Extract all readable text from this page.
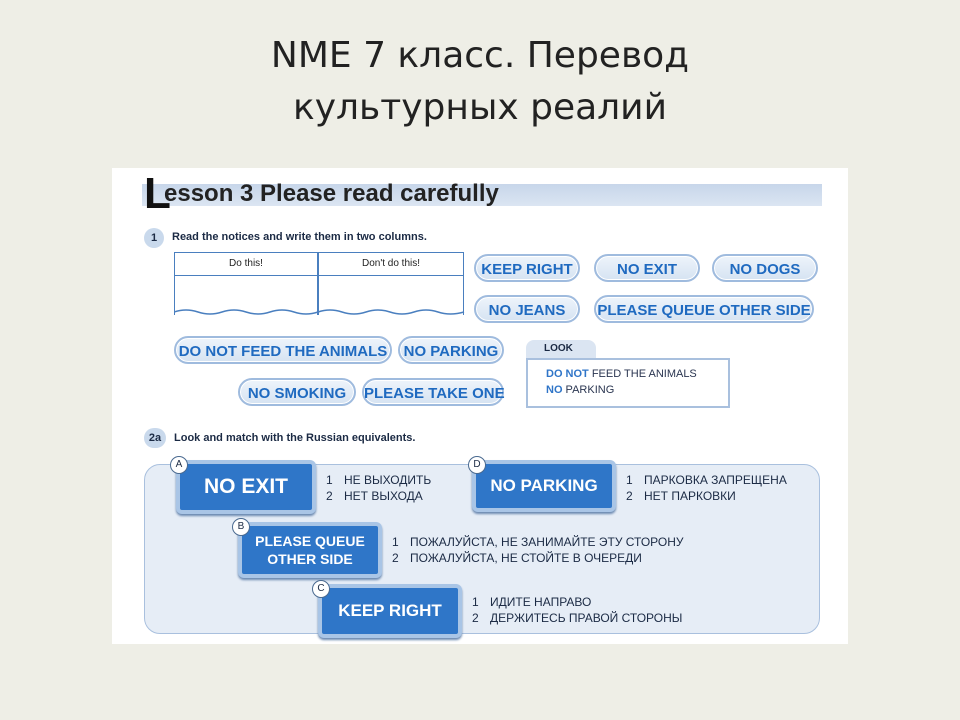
NME 7 класс. Перевод
культурных реалий
L
esson 3 Please read carefully
1	Read the notices and write them in two columns.
Do this!	Don't do this!	KEEP RIGHT	NO EXIT	NO DOGS
NO JEANS	PLEASE QUEUE OTHER SIDE
DO NOT FEED THE ANIMALS	NO PARKING
NO SMOKING	PLEASE TAKE ONE
LOOK
DO NOT FEED THE ANIMALS
NO PARKING
2a	Look and match with the Russian equivalents.
NO EXIT
A
1 НЕ ВЫХОДИТЬ
2 НЕТ ВЫХОДА
NO PARKING
D
1 ПАРКОВКА ЗАПРЕЩЕНА
2 НЕТ ПАРКОВКИ
PLEASE QUEUE
OTHER SIDE
B
1 ПОЖАЛУЙСТА, НЕ ЗАНИМАЙТЕ ЭТУ СТОРОНУ
2 ПОЖАЛУЙСТА, НЕ СТОЙТЕ В ОЧЕРЕДИ
KEEP RIGHT
C
1 ИДИТЕ НАПРАВО
2 ДЕРЖИТЕСЬ ПРАВОЙ СТОРОНЫ
